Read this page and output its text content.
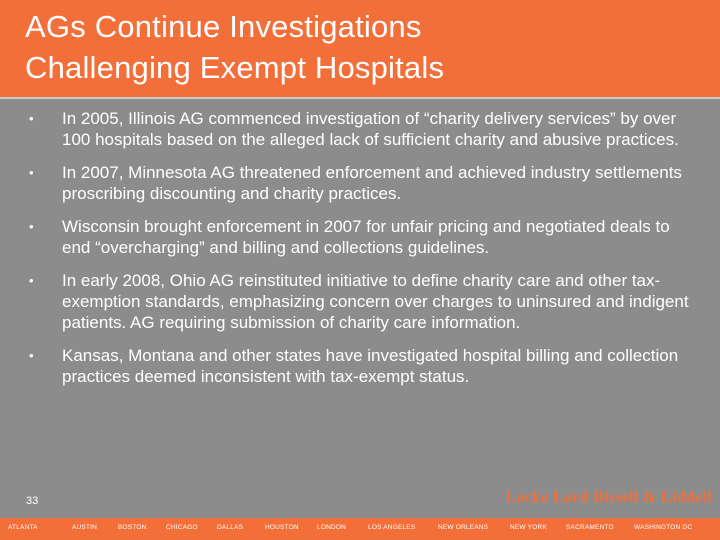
AGs Continue Investigations
Challenging Exempt Hospitals
•	In 2005, Illinois AG commenced investigation of “charity delivery services” by over 100 hospitals based on the alleged lack of sufficient charity and abusive practices.
•	In 2007, Minnesota AG threatened enforcement and achieved industry settlements proscribing discounting and charity practices.
•	Wisconsin brought enforcement in 2007 for unfair pricing and negotiated deals to end “overcharging” and billing and collections guidelines.
•	In early 2008, Ohio AG reinstituted initiative to define charity care and other tax-exemption standards, emphasizing concern over charges to uninsured and indigent patients. AG requiring submission of charity care information.
•	Kansas, Montana and other states have investigated hospital billing and collection practices deemed inconsistent with tax-exempt status.
33	Locke Lord Bissell & Liddell
ATLANTA	AUSTIN	BOSTON	CHICAGO	DALLAS	HOUSTON	LONDON	LOS ANGELES	NEW ORLEANS	NEW YORK	SACRAMENTO	WASHINGTON DC
